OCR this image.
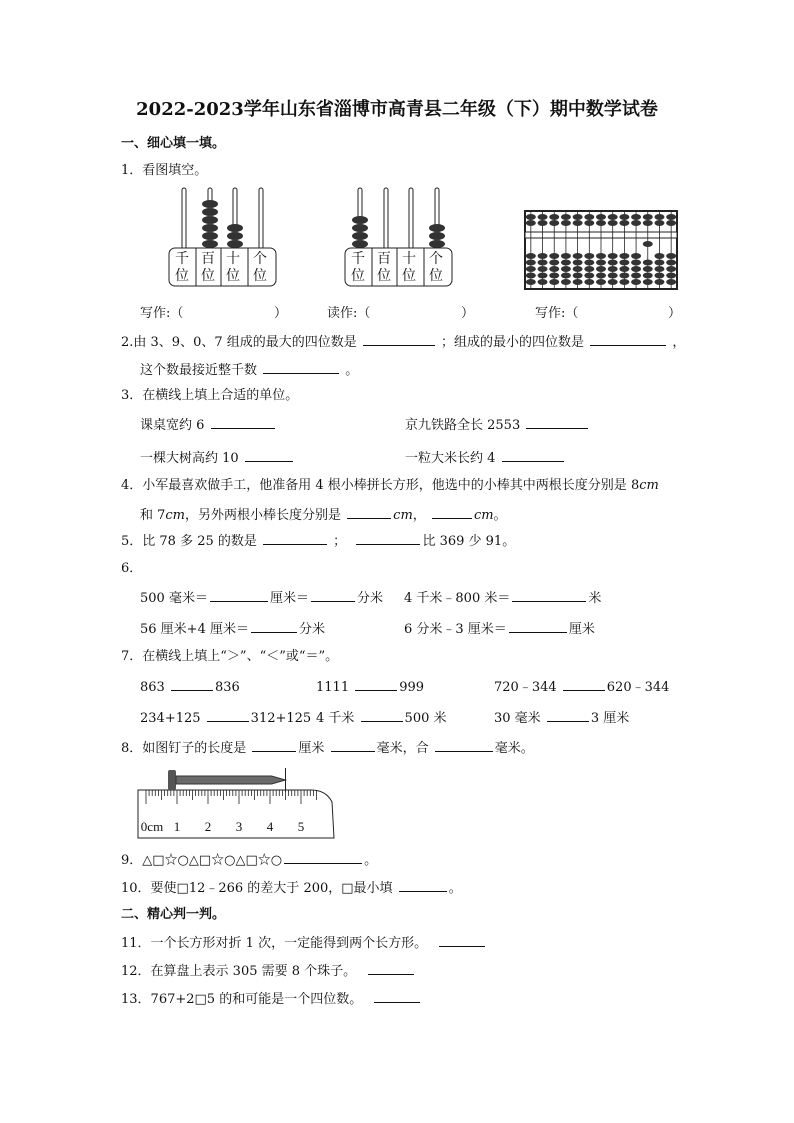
2022-2023学年山东省淄博市高青县二年级（下）期中数学试卷
一、细心填一填。
1．看图填空。
千
位
百
位
十
位
个
位
千
位
百
位
十
位
个
位
写作:（	）	读作:（	）	写作:（	）
2.由 3、9、0、7 组成的最大的四位数是	；组成的最小的四位数是	，
这个数最接近整千数	。
3．在横线上填上合适的单位。
课桌宽约 6	京九铁路全长 2553
一棵大树高约 10	一粒大米长约 4
4．小军最喜欢做手工，他准备用 4 根小棒拼长方形，他选中的小棒其中两根长度分别是 8cm
和 7cm，另外两根小棒长度分别是	cm，	cm。
5．比 78 多 25 的数是	；	比 369 少 91。
6．
500 毫米＝	厘米＝	分米 4 千米﹣800 米＝	米
56 厘米+4 厘米＝	分米	6 分米﹣3 厘米＝	厘米
7．在横线上填上“＞”、“＜”或“＝”。
863	836	1111	999	720﹣344	620﹣344
234+125	312+125 4 千米	500 米	30 毫米	3 厘米
8．如图钉子的长度是	厘米	毫米，合	毫米。
0cm 1 2 3 4 5
9．△□☆○△□☆○△□☆○	。
10．要使□12﹣266 的差大于 200，□最小填	。
二、精心判一判。
11．一个长方形对折 1 次，一定能得到两个长方形。
12．在算盘上表示 305 需要 8 个珠子。
13．767+2□5 的和可能是一个四位数。
